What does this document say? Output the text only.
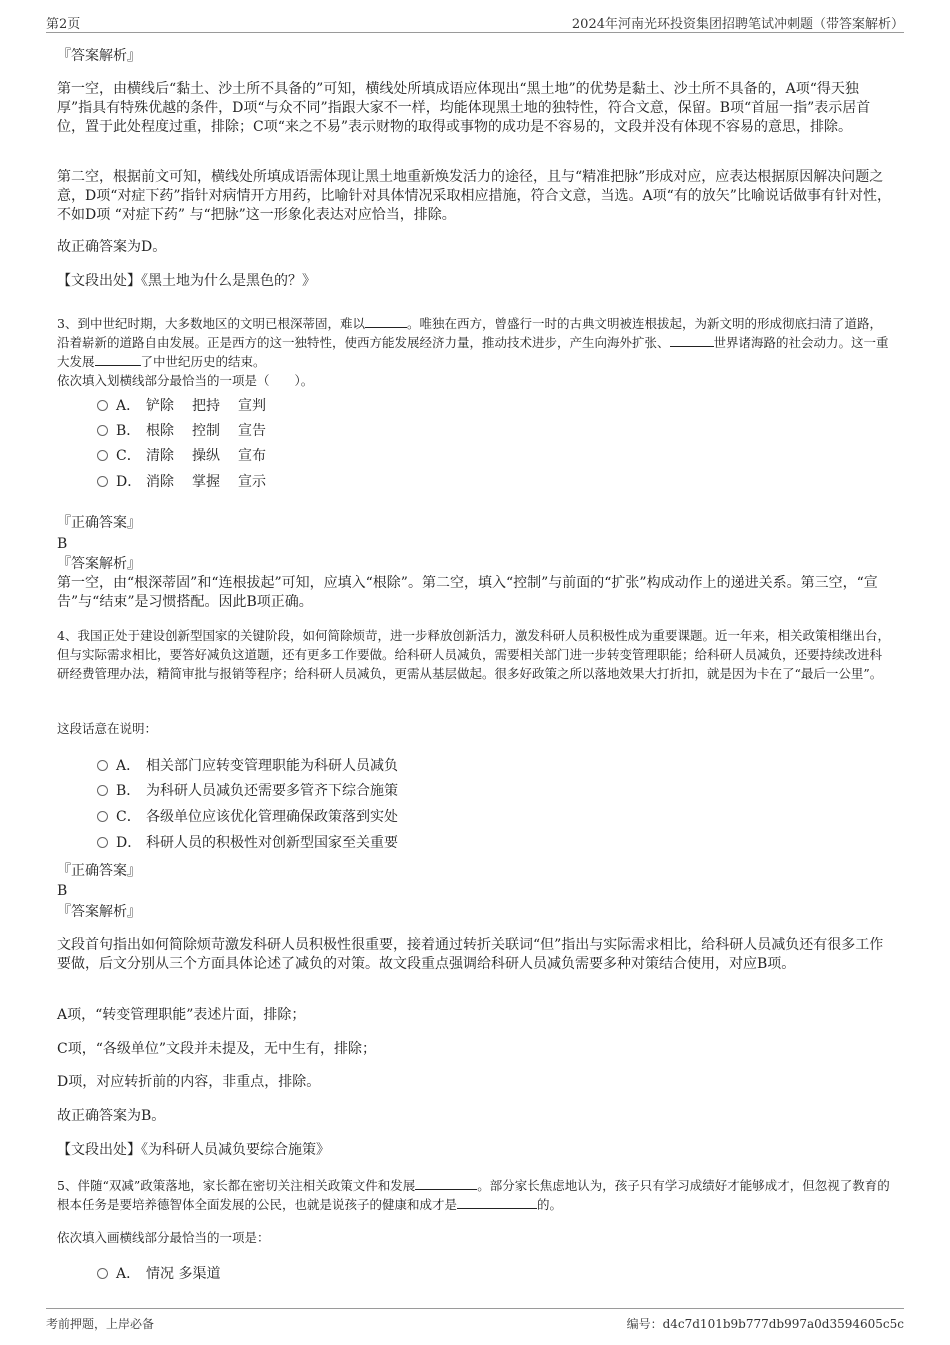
第2页	2024年河南光环投资集团招聘笔试冲刺题（带答案解析）
『答案解析』
第一空，由横线后“黏土、沙土所不具备的”可知，横线处所填成语应体现出“黑土地”的优势是黏土、沙土所不具备的，A项“得天独厚”指具有特殊优越的条件，D项“与众不同”指跟大家不一样，均能体现黑土地的独特性，符合文意，保留。B项“首屈一指”表示居首位，置于此处程度过重，排除；C项“来之不易”表示财物的取得或事物的成功是不容易的，文段并没有体现不容易的意思，排除。
第二空，根据前文可知，横线处所填成语需体现让黑土地重新焕发活力的途径，且与“精准把脉”形成对应，应表达根据原因解决问题之意，D项“对症下药”指针对病情开方用药，比喻针对具体情况采取相应措施，符合文意，当选。A项“有的放矢”比喻说话做事有针对性，不如D项 “对症下药” 与“把脉”这一形象化表达对应恰当，排除。
故正确答案为D。
【文段出处】《黑土地为什么是黑色的？》
3、到中世纪时期，大多数地区的文明已根深蒂固，难以	。唯独在西方，曾盛行一时的古典文明被连根拔起，为新文明的形成彻底扫清了道路，沿着崭新的道路自由发展。正是西方的这一独特性，使西方能发展经济力量，推动技术进步，产生向海外扩张、	世界诸海路的社会动力。这一重大发展	了中世纪历史的结束。
依次填入划横线部分最恰当的一项是（　　）。
A． 铲除 把持 宣判
B． 根除 控制 宣告
C． 清除 操纵 宣布
D． 消除 掌握 宣示
『正确答案』
B
『答案解析』
第一空，由“根深蒂固”和“连根拔起”可知，应填入“根除”。第二空，填入“控制”与前面的“扩张”构成动作上的递进关系。第三空，“宣告”与“结束”是习惯搭配。因此B项正确。
4、我国正处于建设创新型国家的关键阶段，如何简除烦苛，进一步释放创新活力，激发科研人员积极性成为重要课题。近一年来，相关政策相继出台，但与实际需求相比，要答好减负这道题，还有更多工作要做。给科研人员减负，需要相关部门进一步转变管理职能；给科研人员减负，还要持续改进科研经费管理办法，精简审批与报销等程序；给科研人员减负，更需从基层做起。很多好政策之所以落地效果大打折扣，就是因为卡在了“最后一公里”。
这段话意在说明：
A． 相关部门应转变管理职能为科研人员减负
B． 为科研人员减负还需要多管齐下综合施策
C． 各级单位应该优化管理确保政策落到实处
D． 科研人员的积极性对创新型国家至关重要
『正确答案』
B
『答案解析』
文段首句指出如何简除烦苛激发科研人员积极性很重要，接着通过转折关联词“但”指出与实际需求相比，给科研人员减负还有很多工作要做，后文分别从三个方面具体论述了减负的对策。故文段重点强调给科研人员减负需要多种对策结合使用，对应B项。
A项，“转变管理职能”表述片面，排除；
C项，“各级单位”文段并未提及，无中生有，排除；
D项，对应转折前的内容，非重点，排除。
故正确答案为B。
【文段出处】《为科研人员减负要综合施策》
5、伴随“双减”政策落地，家长都在密切关注相关政策文件和发展	。部分家长焦虑地认为，孩子只有学习成绩好才能够成才，但忽视了教育的根本任务是要培养德智体全面发展的公民，也就是说孩子的健康和成才是	的。
依次填入画横线部分最恰当的一项是：
A． 情况 多渠道
考前押题，上岸必备	编号：d4c7d101b9b777db997a0d3594605c5c
